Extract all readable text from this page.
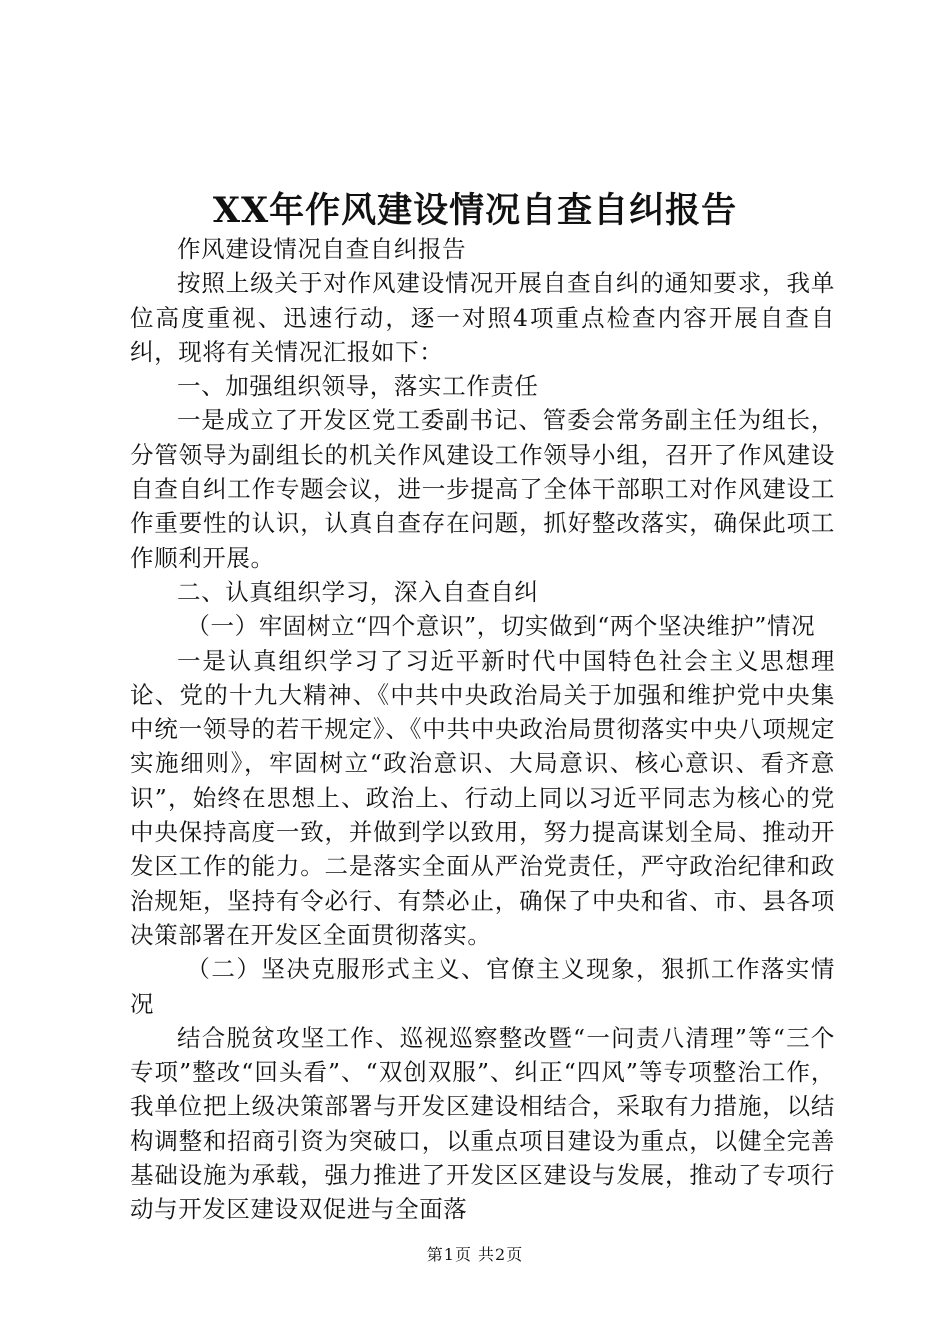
XX年作风建设情况自查自纠报告

作风建设情况自查自纠报告

按照上级关于对作风建设情况开展自查自纠的通知要求，我单位高度重视、迅速行动，逐一对照4项重点检查内容开展自查自纠，现将有关情况汇报如下：

一、加强组织领导，落实工作责任

一是成立了开发区党工委副书记、管委会常务副主任为组长，分管领导为副组长的机关作风建设工作领导小组，召开了作风建设自查自纠工作专题会议，进一步提高了全体干部职工对作风建设工作重要性的认识，认真自查存在问题，抓好整改落实，确保此项工作顺利开展。

二、认真组织学习，深入自查自纠

（一）牢固树立“四个意识”，切实做到“两个坚决维护”情况

一是认真组织学习了习近平新时代中国特色社会主义思想理论、党的十九大精神、《中共中央政治局关于加强和维护党中央集中统一领导的若干规定》、《中共中央政治局贯彻落实中央八项规定实施细则》，牢固树立“政治意识、大局意识、核心意识、看齐意识”，始终在思想上、政治上、行动上同以习近平同志为核心的党中央保持高度一致，并做到学以致用，努力提高谋划全局、推动开发区工作的能力。二是落实全面从严治党责任，严守政治纪律和政治规矩，坚持有令必行、有禁必止，确保了中央和省、市、县各项决策部署在开发区全面贯彻落实。

（二）坚决克服形式主义、官僚主义现象，狠抓工作落实情况

结合脱贫攻坚工作、巡视巡察整改暨“一问责八清理”等“三个专项”整改“回头看”、“双创双服”、纠正“四风”等专项整治工作，我单位把上级决策部署与开发区建设相结合，采取有力措施，以结构调整和招商引资为突破口，以重点项目建设为重点，以健全完善基础设施为承载，强力推进了开发区区建设与发展，推动了专项行动与开发区建设双促进与全面落

第1页 共2页
